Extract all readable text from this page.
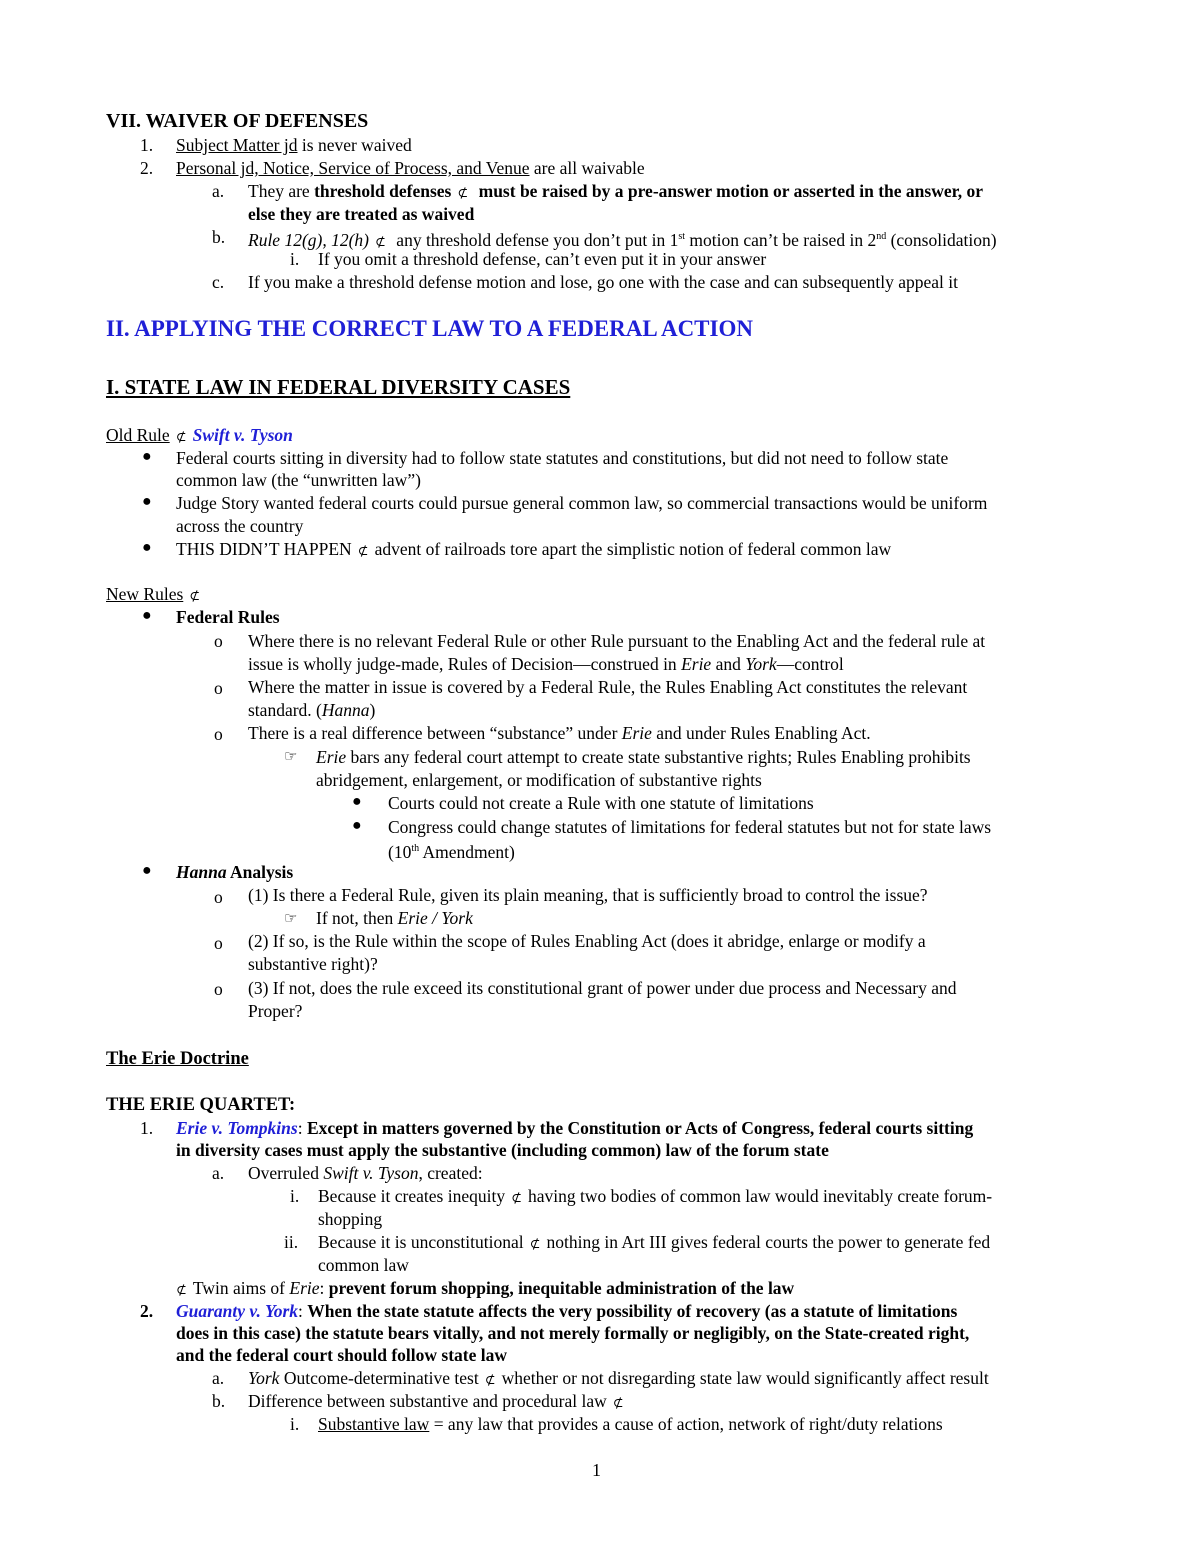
VII. WAIVER OF DEFENSES
1. Subject Matter jd is never waived
2. Personal jd, Notice, Service of Process, and Venue are all waivable
a. They are threshold defenses ⊄ must be raised by a pre-answer motion or asserted in the answer, or
else they are treated as waived
b. Rule 12(g), 12(h) ⊄ any threshold defense you don’t put in 1st motion can’t be raised in 2nd (consolidation)
i. If you omit a threshold defense, can’t even put it in your answer
c. If you make a threshold defense motion and lose, go one with the case and can subsequently appeal it
II. APPLYING THE CORRECT LAW TO A FEDERAL ACTION
I. STATE LAW IN FEDERAL DIVERSITY CASES
Old Rule ⊄ Swift v. Tyson
● Federal courts sitting in diversity had to follow state statutes and constitutions, but did not need to follow state
common law (the “unwritten law”)
● Judge Story wanted federal courts could pursue general common law, so commercial transactions would be uniform
across the country
● THIS DIDN’T HAPPEN ⊄ advent of railroads tore apart the simplistic notion of federal common law
New Rules ⊄
● Federal Rules
o Where there is no relevant Federal Rule or other Rule pursuant to the Enabling Act and the federal rule at
issue is wholly judge-made, Rules of Decision—construed in Erie and York—control
o Where the matter in issue is covered by a Federal Rule, the Rules Enabling Act constitutes the relevant
standard. (Hanna)
o There is a real difference between “substance” under Erie and under Rules Enabling Act.
☞ Erie bars any federal court attempt to create state substantive rights; Rules Enabling prohibits
abridgement, enlargement, or modification of substantive rights
● Courts could not create a Rule with one statute of limitations
● Congress could change statutes of limitations for federal statutes but not for state laws
(10th Amendment)
● Hanna Analysis
o (1) Is there a Federal Rule, given its plain meaning, that is sufficiently broad to control the issue?
☞ If not, then Erie / York
o (2) If so, is the Rule within the scope of Rules Enabling Act (does it abridge, enlarge or modify a
substantive right)?
o (3) If not, does the rule exceed its constitutional grant of power under due process and Necessary and
Proper?
The Erie Doctrine
THE ERIE QUARTET:
1. Erie v. Tompkins: Except in matters governed by the Constitution or Acts of Congress, federal courts sitting
in diversity cases must apply the substantive (including common) law of the forum state
a. Overruled Swift v. Tyson, created:
i. Because it creates inequity ⊄ having two bodies of common law would inevitably create forum-
shopping
ii. Because it is unconstitutional ⊄ nothing in Art III gives federal courts the power to generate fed
common law
⊄ Twin aims of Erie: prevent forum shopping, inequitable administration of the law
2. Guaranty v. York: When the state statute affects the very possibility of recovery (as a statute of limitations
does in this case) the statute bears vitally, and not merely formally or negligibly, on the State-created right,
and the federal court should follow state law
a. York Outcome-determinative test ⊄ whether or not disregarding state law would significantly affect result
b. Difference between substantive and procedural law ⊄
i. Substantive law = any law that provides a cause of action, network of right/duty relations
1
